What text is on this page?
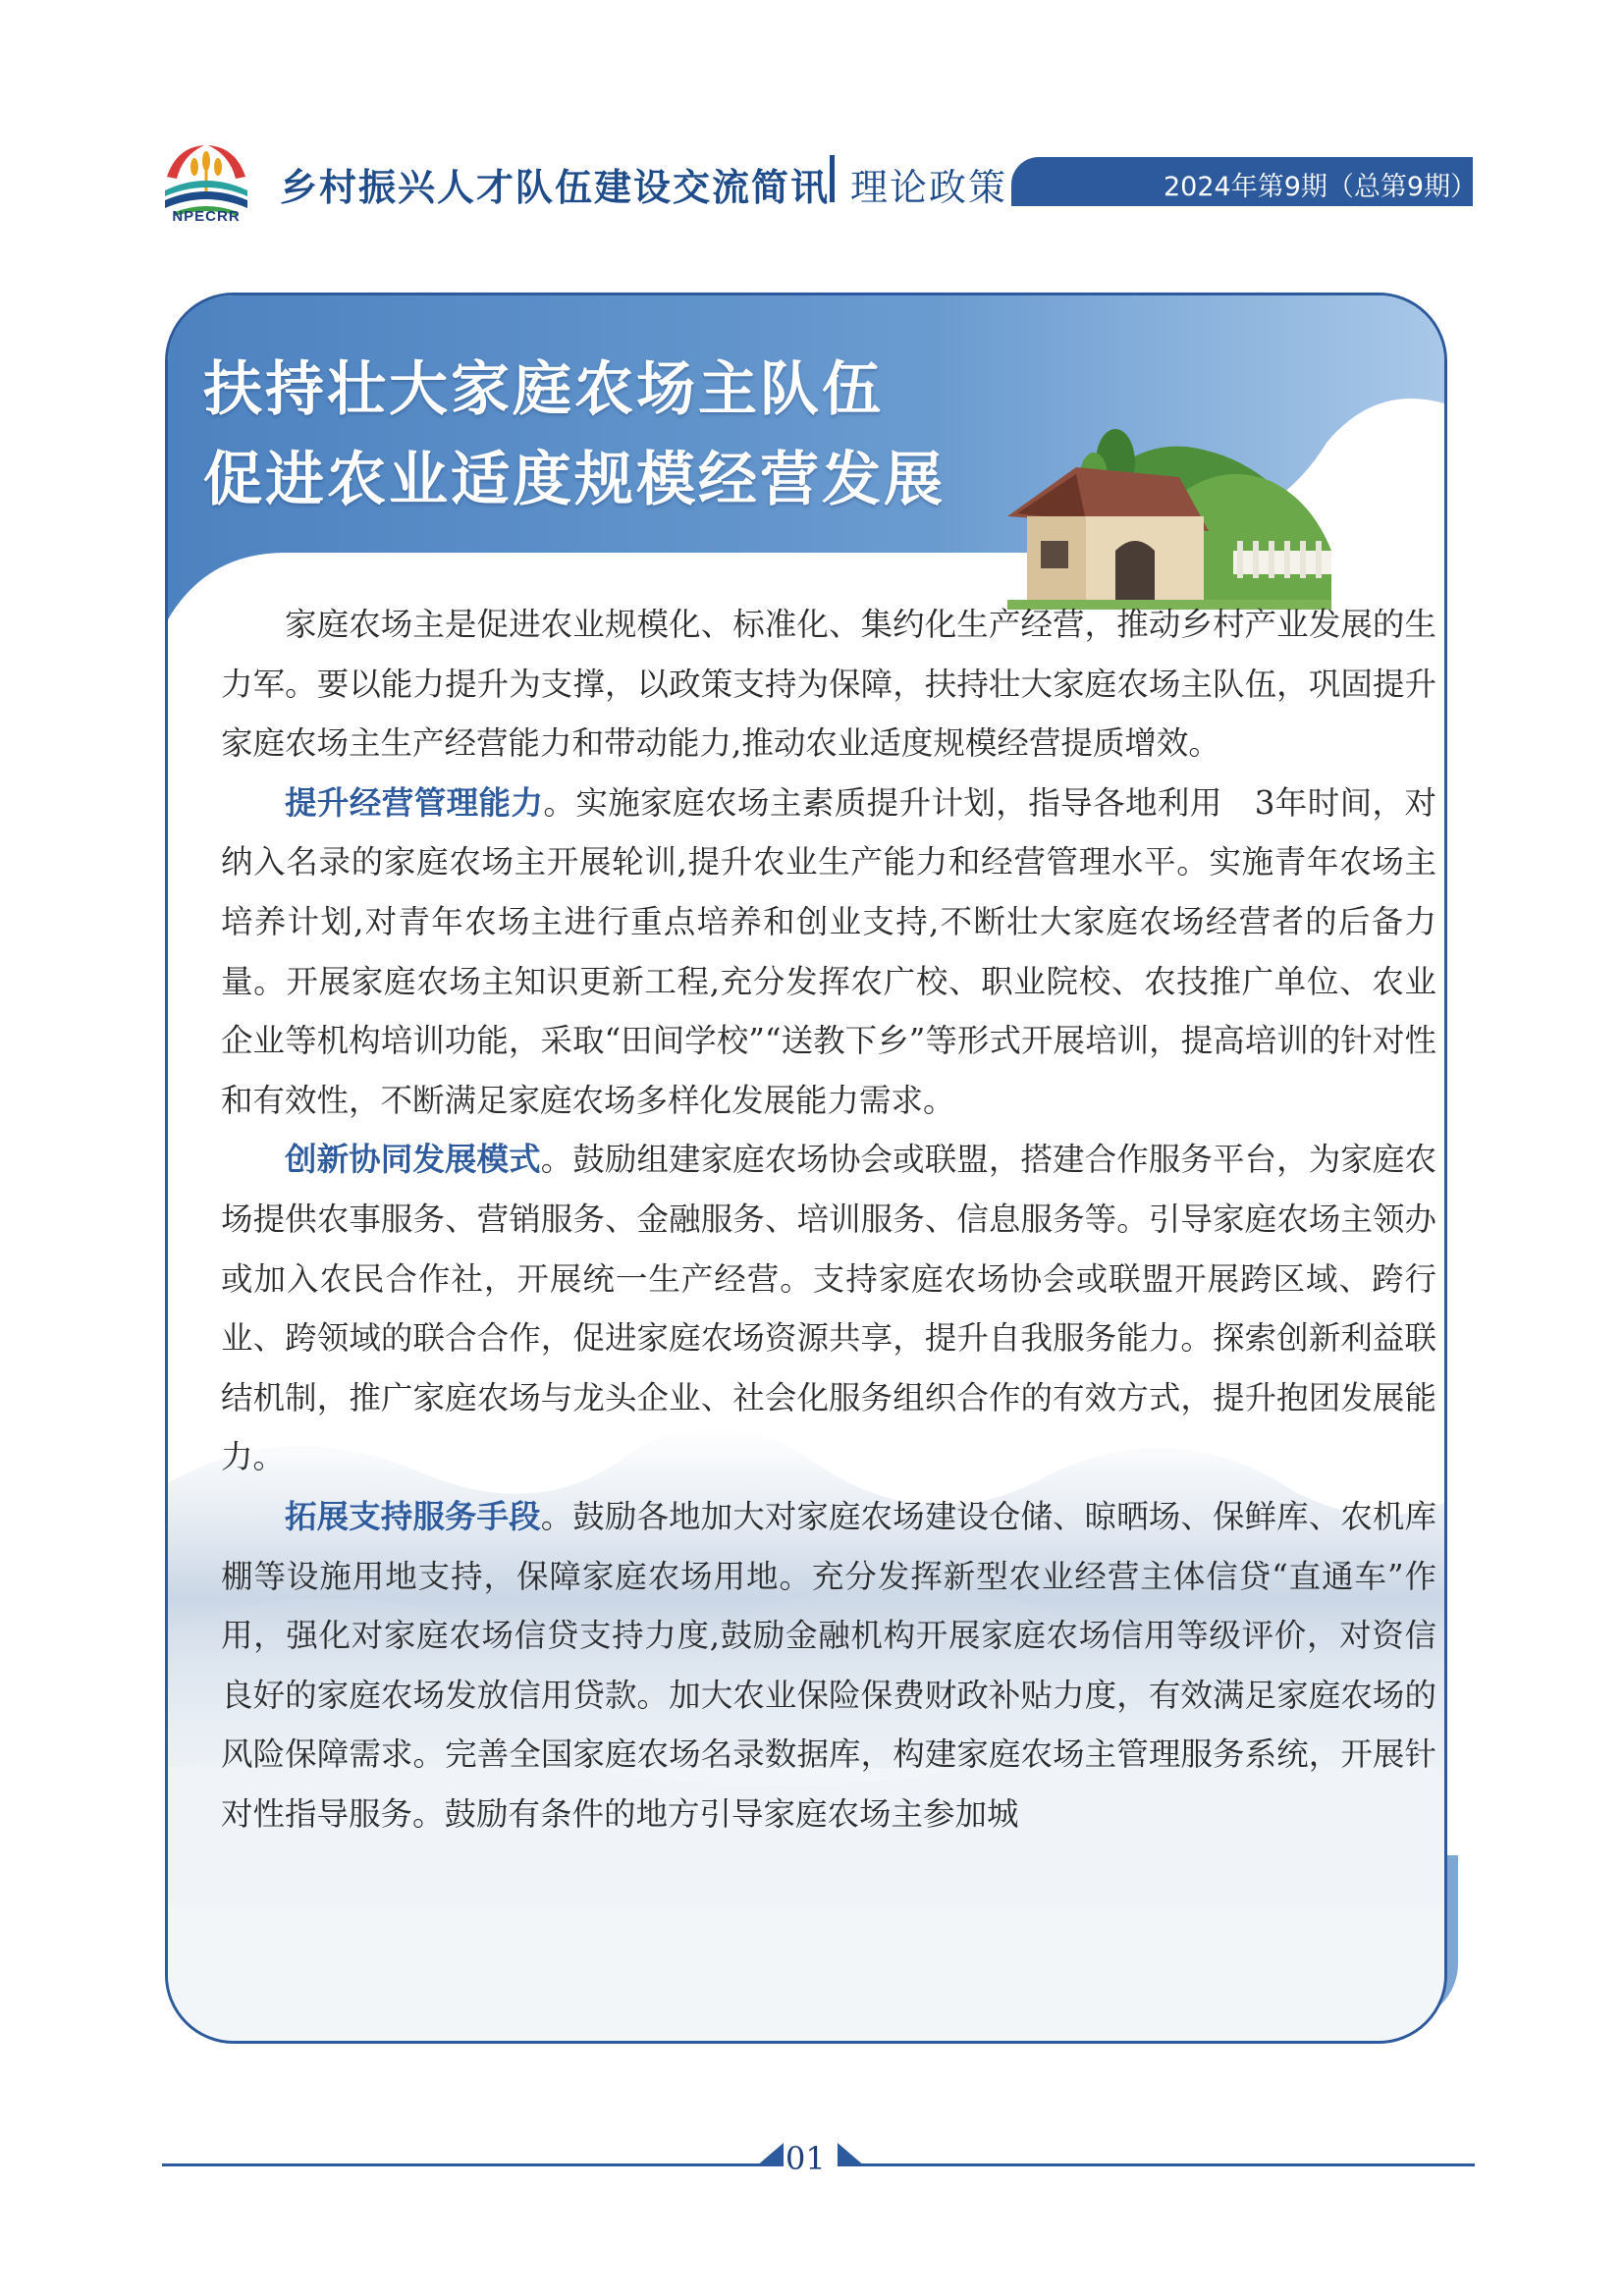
NPECRR
乡村振兴人才队伍建设交流简讯 理论政策	2024年第9期（总第9期）
扶持壮大家庭农场主队伍
促进农业适度规模经营发展

家庭农场主是促进农业规模化、标准化、集约化生产经营，推动乡村产业发展的生力军。要以能力提升为支撑，以政策支持为保障，扶持壮大家庭农场主队伍，巩固提升家庭农场主生产经营能力和带动能力,推动农业适度规模经营提质增效。

提升经营管理能力。实施家庭农场主素质提升计划，指导各地利用　3年时间，对纳入名录的家庭农场主开展轮训,提升农业生产能力和经营管理水平。实施青年农场主培养计划,对青年农场主进行重点培养和创业支持,不断壮大家庭农场经营者的后备力量。开展家庭农场主知识更新工程,充分发挥农广校、职业院校、农技推广单位、农业企业等机构培训功能，采取“田间学校”“送教下乡”等形式开展培训，提高培训的针对性和有效性，不断满足家庭农场多样化发展能力需求。

创新协同发展模式。鼓励组建家庭农场协会或联盟，搭建合作服务平台，为家庭农场提供农事服务、营销服务、金融服务、培训服务、信息服务等。引导家庭农场主领办或加入农民合作社，开展统一生产经营。支持家庭农场协会或联盟开展跨区域、跨行业、跨领域的联合合作，促进家庭农场资源共享，提升自我服务能力。探索创新利益联结机制，推广家庭农场与龙头企业、社会化服务组织合作的有效方式，提升抱团发展能力。

拓展支持服务手段。鼓励各地加大对家庭农场建设仓储、晾晒场、保鲜库、农机库棚等设施用地支持，保障家庭农场用地。充分发挥新型农业经营主体信贷“直通车”作用，强化对家庭农场信贷支持力度,鼓励金融机构开展家庭农场信用等级评价，对资信良好的家庭农场发放信用贷款。加大农业保险保费财政补贴力度，有效满足家庭农场的风险保障需求。完善全国家庭农场名录数据库，构建家庭农场主管理服务系统，开展针对性指导服务。鼓励有条件的地方引导家庭农场主参加城

01
